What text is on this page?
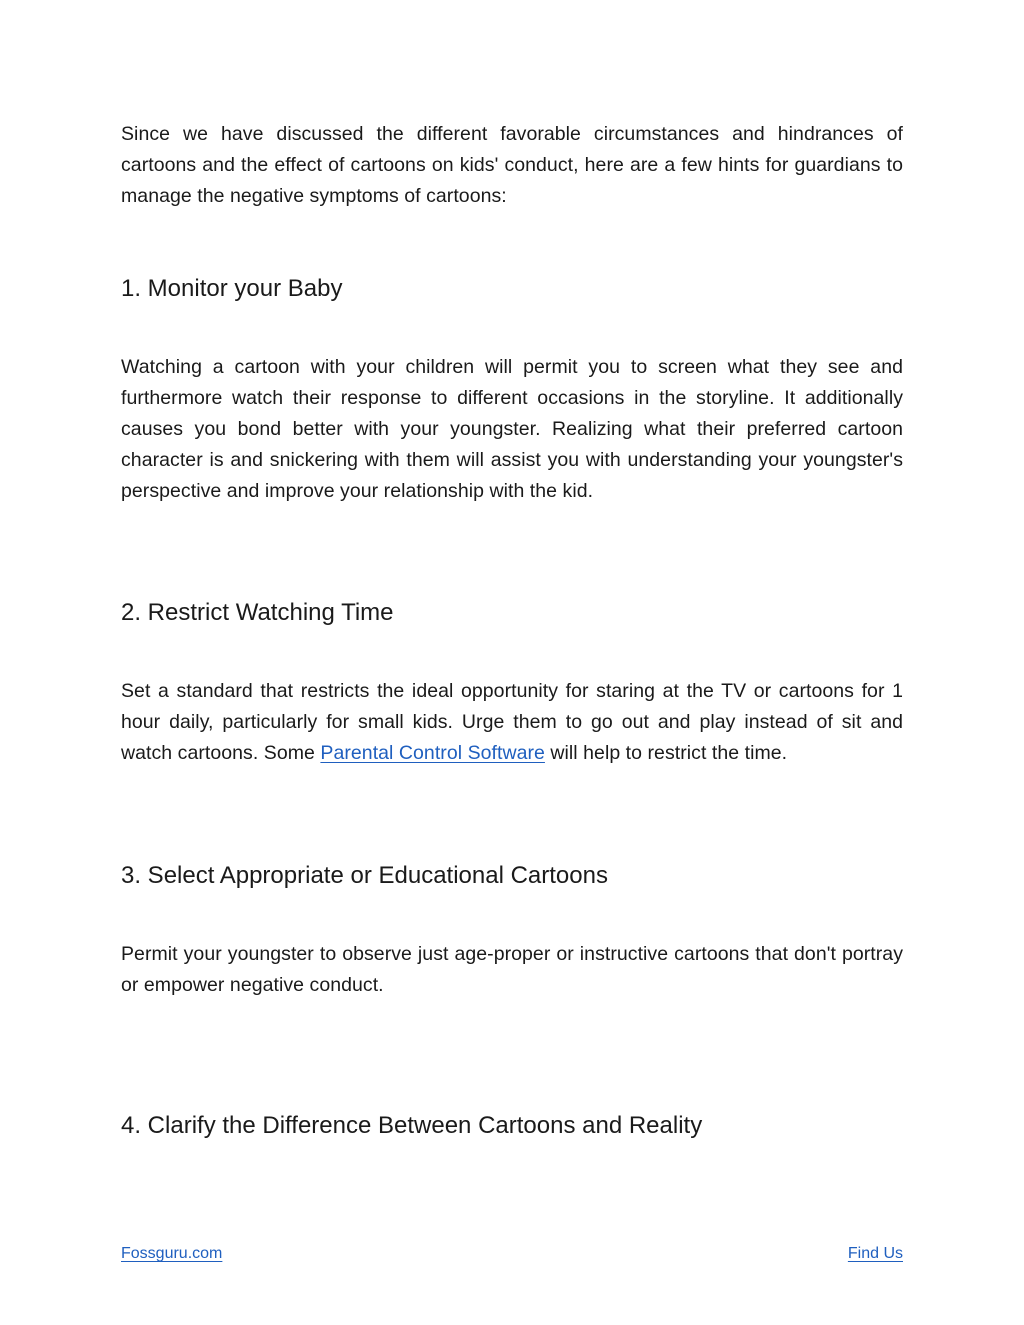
Since we have discussed the different favorable circumstances and hindrances of cartoons and the effect of cartoons on kids' conduct, here are a few hints for guardians to manage the negative symptoms of cartoons:

1. Monitor your Baby

Watching a cartoon with your children will permit you to screen what they see and furthermore watch their response to different occasions in the storyline. It additionally causes you bond better with your youngster. Realizing what their preferred cartoon character is and snickering with them will assist you with understanding your youngster's perspective and improve your relationship with the kid.

2. Restrict Watching Time

Set a standard that restricts the ideal opportunity for staring at the TV or cartoons for 1 hour daily, particularly for small kids. Urge them to go out and play instead of sit and watch cartoons. Some Parental Control Software will help to restrict the time.

3. Select Appropriate or Educational Cartoons

Permit your youngster to observe just age-proper or instructive cartoons that don't portray or empower negative conduct.

4. Clarify the Difference Between Cartoons and Reality
Fossguru.com	Find Us
